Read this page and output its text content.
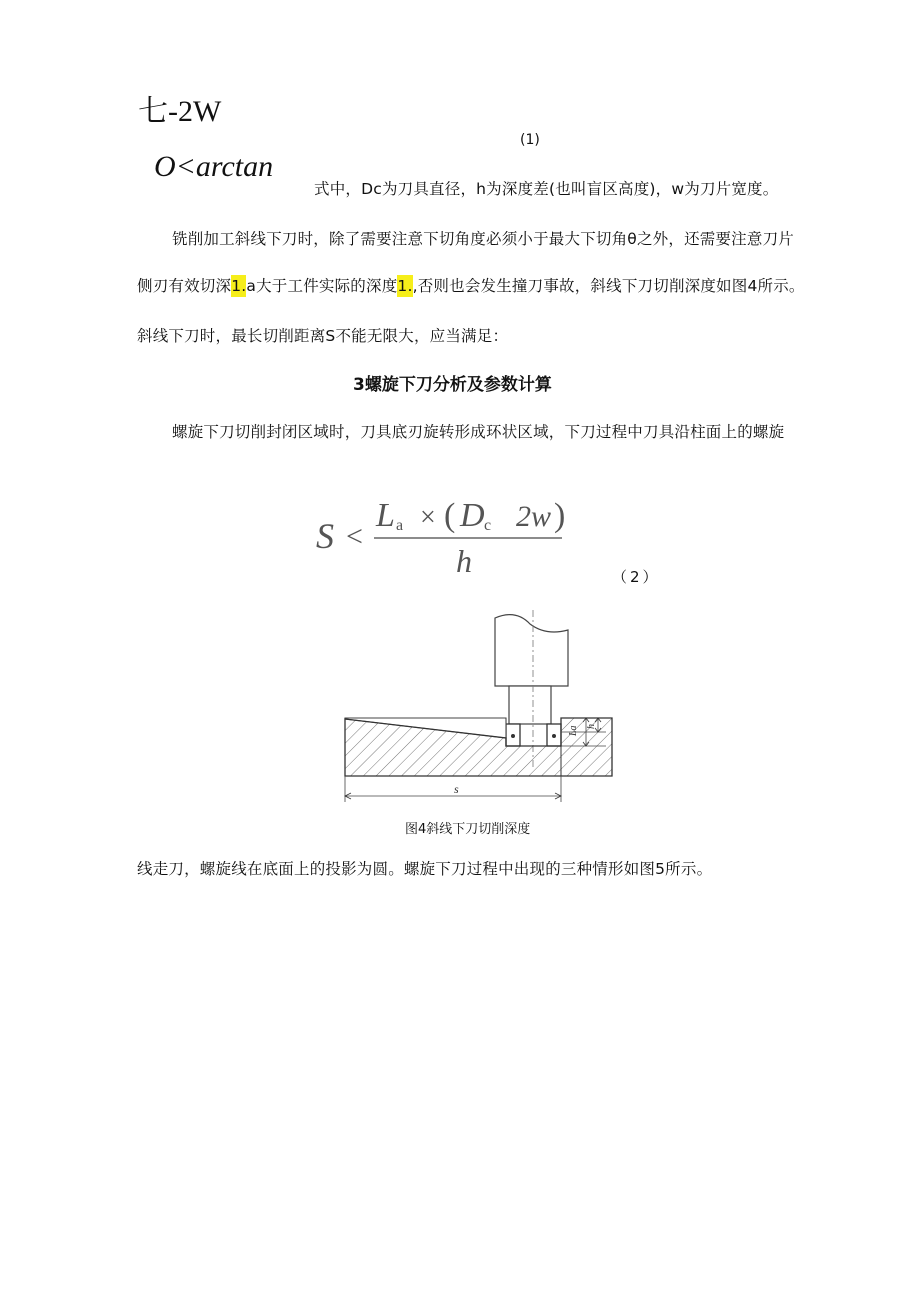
七-2W
(1)
O<arctan
式中，Dc为刀具直径，h为深度差(也叫盲区高度)，w为刀片宽度。
铣削加工斜线下刀时，除了需要注意下切角度必须小于最大下切角θ之外，还需要注意刀片
侧刃有效切深1.a大于工件实际的深度1.,否则也会发生撞刀事故，斜线下刀切削深度如图4所示。
斜线下刀时，最长切削距离S不能无限大，应当满足：
3螺旋下刀分析及参数计算
螺旋下刀切削封闭区域时，刀具底刃旋转形成环状区域，下刀过程中刀具沿柱面上的螺旋
S <
L a × ( D c 2w )
h	（2）
La h
s
图4斜线下刀切削深度
线走刀，螺旋线在底面上的投影为圆。螺旋下刀过程中出现的三种情形如图5所示。
